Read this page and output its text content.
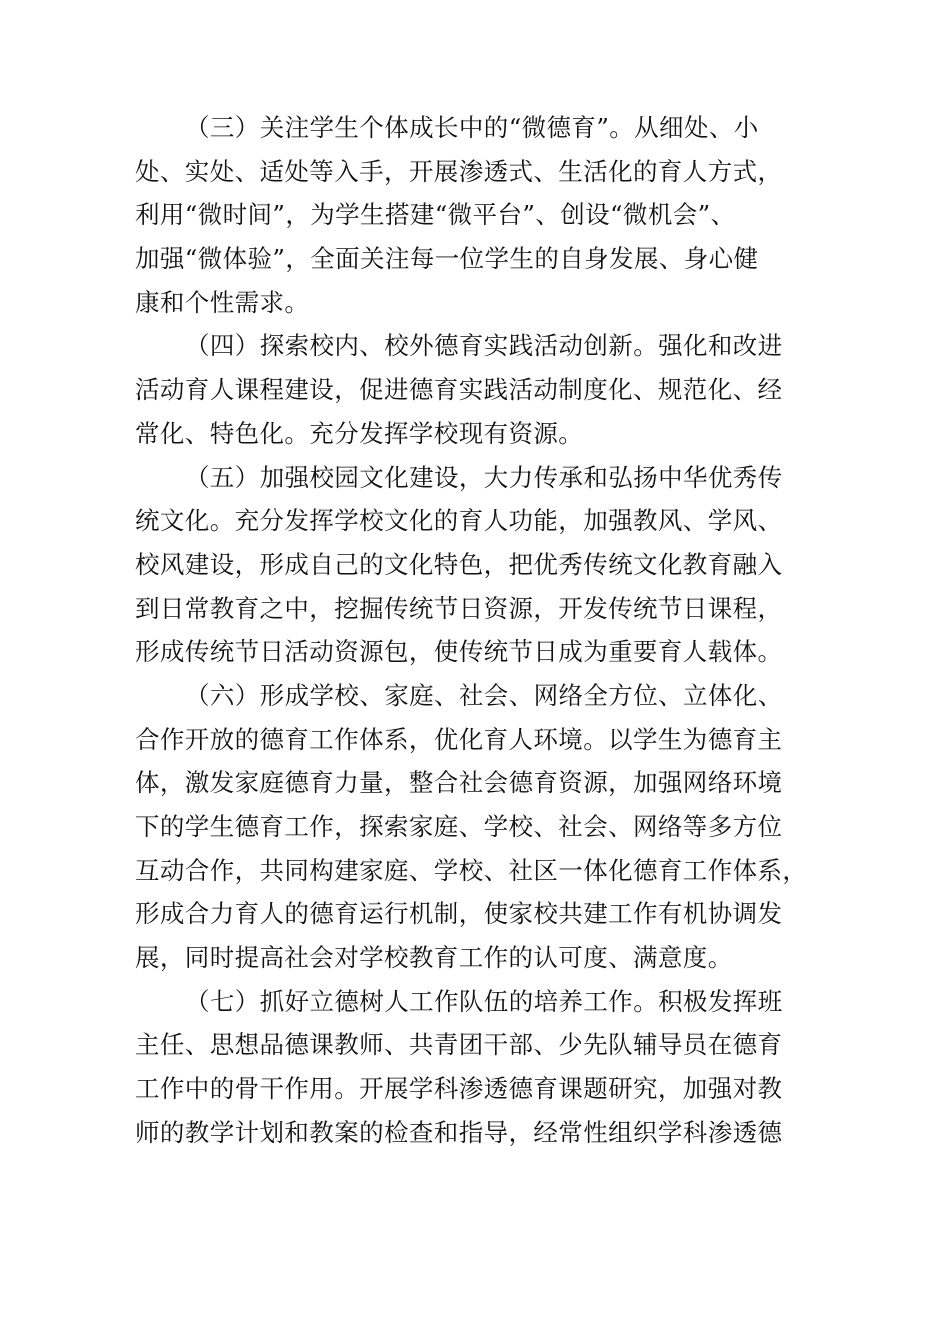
（三）关注学生个体成长中的“微德育”。从细处、小
处、实处、适处等入手，开展渗透式、生活化的育人方式，
利用“微时间”，为学生搭建“微平台”、创设“微机会”、
加强“微体验”，全面关注每一位学生的自身发展、身心健
康和个性需求。
（四）探索校内、校外德育实践活动创新。强化和改进
活动育人课程建设，促进德育实践活动制度化、规范化、经
常化、特色化。充分发挥学校现有资源。
（五）加强校园文化建设，大力传承和弘扬中华优秀传
统文化。充分发挥学校文化的育人功能，加强教风、学风、
校风建设，形成自己的文化特色，把优秀传统文化教育融入
到日常教育之中，挖掘传统节日资源，开发传统节日课程，
形成传统节日活动资源包，使传统节日成为重要育人载体。
（六）形成学校、家庭、社会、网络全方位、立体化、
合作开放的德育工作体系，优化育人环境。以学生为德育主
体，激发家庭德育力量，整合社会德育资源，加强网络环境
下的学生德育工作，探索家庭、学校、社会、网络等多方位
互动合作，共同构建家庭、学校、社区一体化德育工作体系，
形成合力育人的德育运行机制，使家校共建工作有机协调发
展，同时提高社会对学校教育工作的认可度、满意度。
（七）抓好立德树人工作队伍的培养工作。积极发挥班
主任、思想品德课教师、共青团干部、少先队辅导员在德育
工作中的骨干作用。开展学科渗透德育课题研究，加强对教
师的教学计划和教案的检查和指导，经常性组织学科渗透德
